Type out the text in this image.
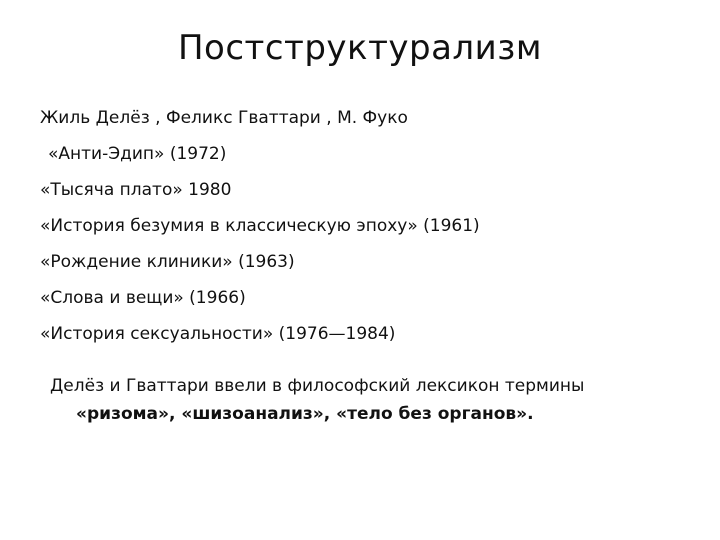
Постструктурализм
Жиль Делёз , Феликс Гваттари , М. Фуко
«Анти-Эдип» (1972)
«Тысяча плато» 1980
«История безумия в классическую эпоху» (1961)
«Рождение клиники» (1963)
«Слова и вещи» (1966)
«История сексуальности» (1976—1984)
Делёз и Гваттари ввели в философский лексикон термины
«ризома», «шизоанализ», «тело без органов».
